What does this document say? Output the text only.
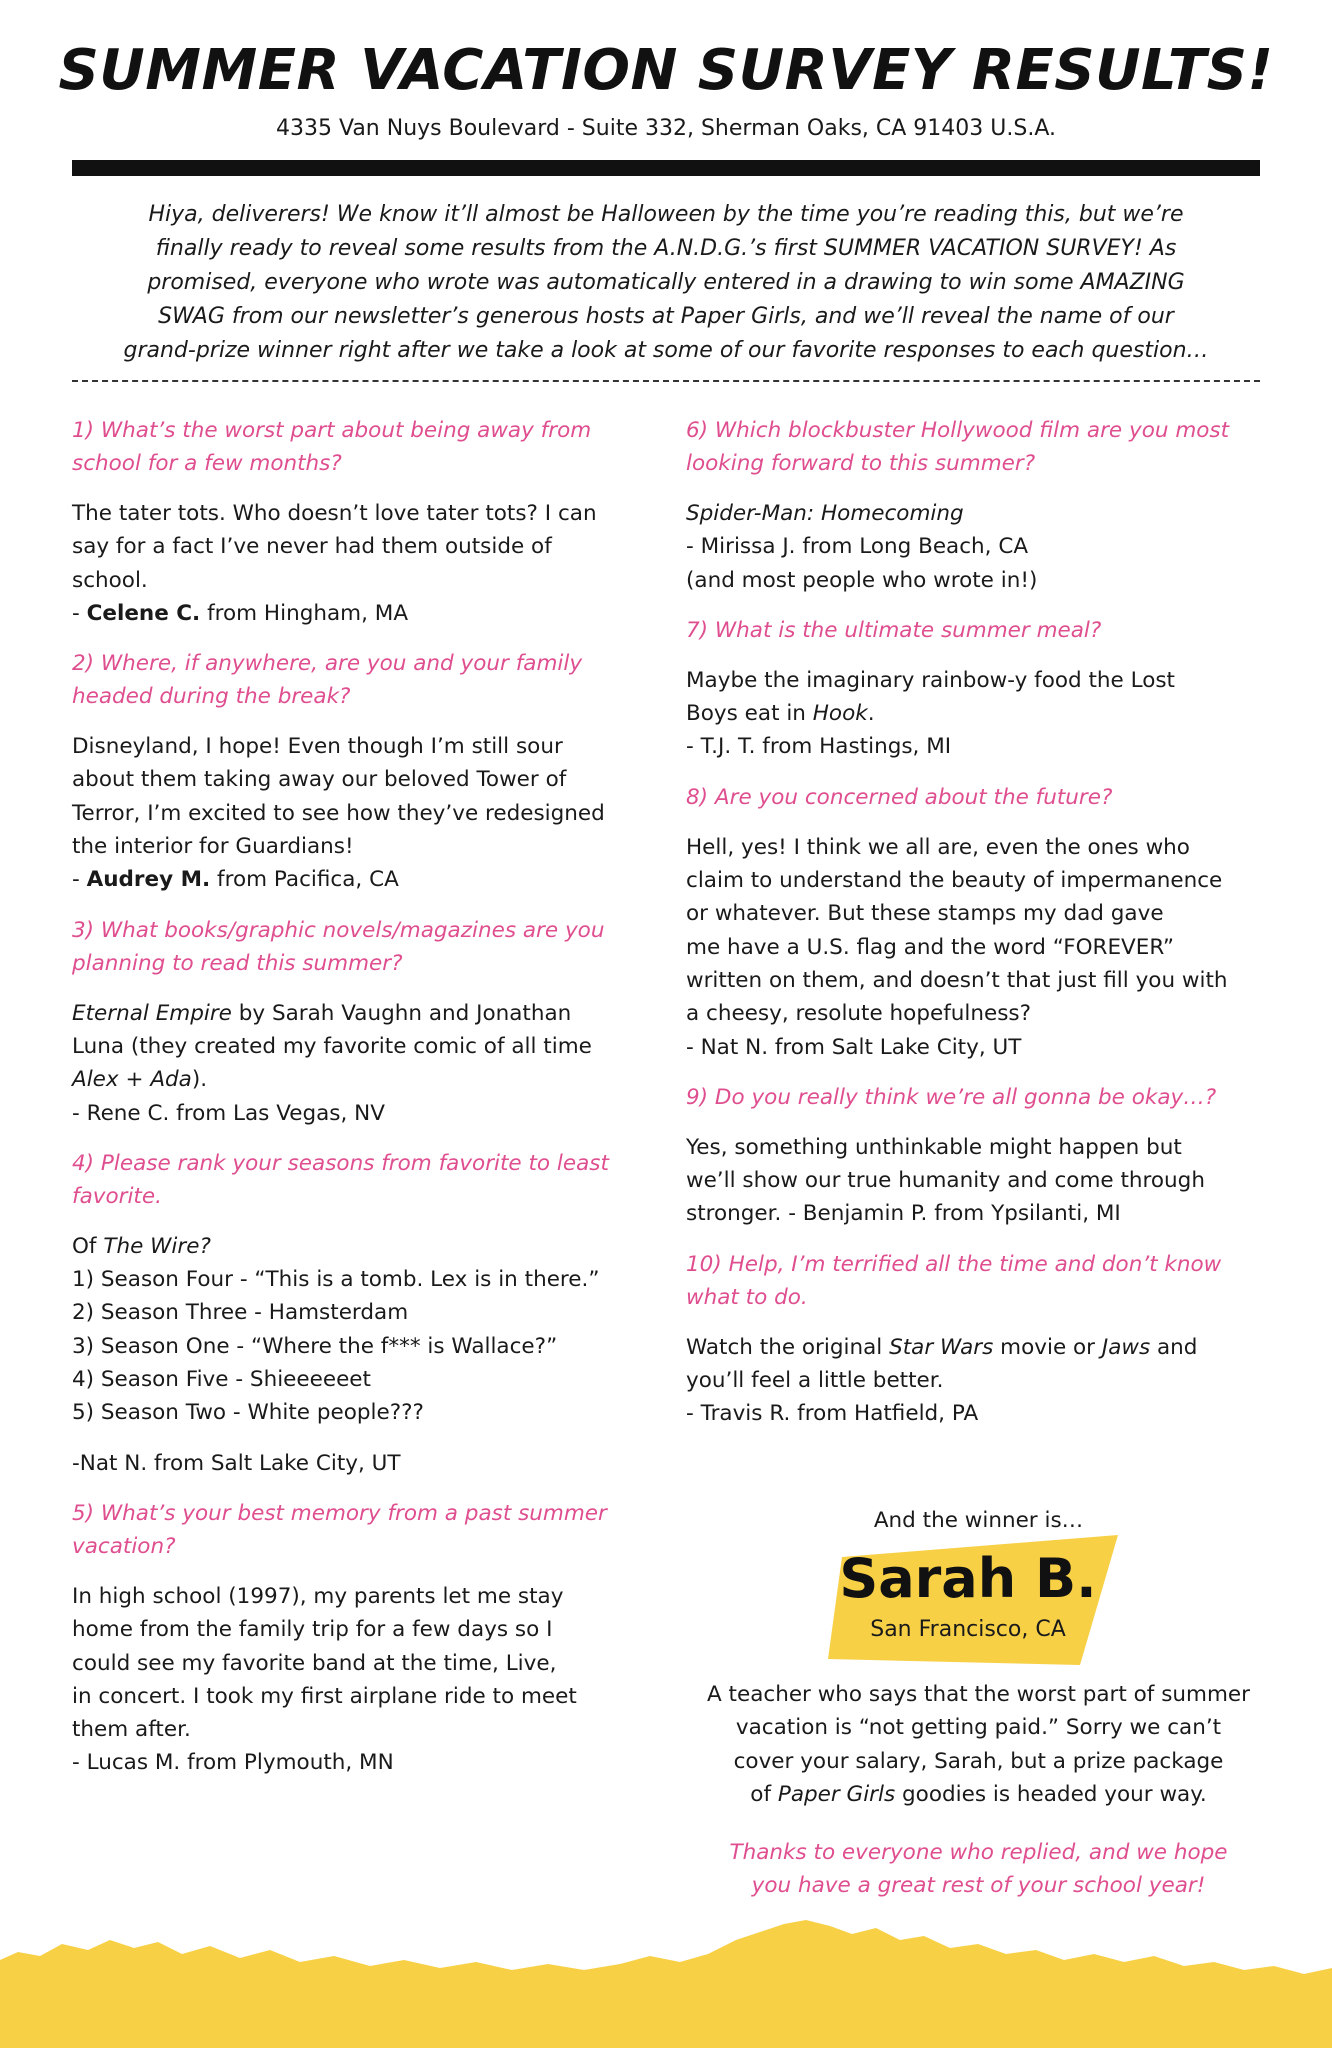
SUMMER VACATION SURVEY RESULTS!
4335 Van Nuys Boulevard - Suite 332, Sherman Oaks, CA 91403 U.S.A.
Hiya, deliverers! We know it’ll almost be Halloween by the time you’re reading this, but we’re
finally ready to reveal some results from the A.N.D.G.’s first SUMMER VACATION SURVEY! As
promised, everyone who wrote was automatically entered in a drawing to win some AMAZING
SWAG from our newsletter’s generous hosts at Paper Girls, and we’ll reveal the name of our
grand-prize winner right after we take a look at some of our favorite responses to each question…
1) What’s the worst part about being away from
school for a few months?
The tater tots. Who doesn’t love tater tots? I can
say for a fact I’ve never had them outside of
school.
- Celene C. from Hingham, MA
2) Where, if anywhere, are you and your family
headed during the break?
Disneyland, I hope! Even though I’m still sour
about them taking away our beloved Tower of
Terror, I’m excited to see how they’ve redesigned
the interior for Guardians!
- Audrey M. from Pacifica, CA
3) What books/graphic novels/magazines are you
planning to read this summer?
Eternal Empire by Sarah Vaughn and Jonathan
Luna (they created my favorite comic of all time
Alex + Ada).
- Rene C. from Las Vegas, NV
4) Please rank your seasons from favorite to least
favorite.
Of The Wire?
1) Season Four - “This is a tomb. Lex is in there.”
2) Season Three - Hamsterdam
3) Season One - “Where the f*** is Wallace?”
4) Season Five - Shieeeeeet
5) Season Two - White people???
-Nat N. from Salt Lake City, UT
5) What’s your best memory from a past summer
vacation?
In high school (1997), my parents let me stay
home from the family trip for a few days so I
could see my favorite band at the time, Live,
in concert. I took my first airplane ride to meet
them after.
- Lucas M. from Plymouth, MN
6) Which blockbuster Hollywood film are you most
looking forward to this summer?
Spider-Man: Homecoming
- Mirissa J. from Long Beach, CA
(and most people who wrote in!)
7) What is the ultimate summer meal?
Maybe the imaginary rainbow-y food the Lost
Boys eat in Hook.
- T.J. T. from Hastings, MI
8) Are you concerned about the future?
Hell, yes! I think we all are, even the ones who
claim to understand the beauty of impermanence
or whatever. But these stamps my dad gave
me have a U.S. flag and the word “FOREVER”
written on them, and doesn’t that just fill you with
a cheesy, resolute hopefulness?
- Nat N. from Salt Lake City, UT
9) Do you really think we’re all gonna be okay…?
Yes, something unthinkable might happen but
we’ll show our true humanity and come through
stronger. - Benjamin P. from Ypsilanti, MI
10) Help, I’m terrified all the time and don’t know
what to do.
Watch the original Star Wars movie or Jaws and
you’ll feel a little better.
- Travis R. from Hatfield, PA
And the winner is…
Sarah B.
San Francisco, CA
A teacher who says that the worst part of summer
vacation is “not getting paid.” Sorry we can’t
cover your salary, Sarah, but a prize package
of Paper Girls goodies is headed your way.
Thanks to everyone who replied, and we hope
you have a great rest of your school year!
